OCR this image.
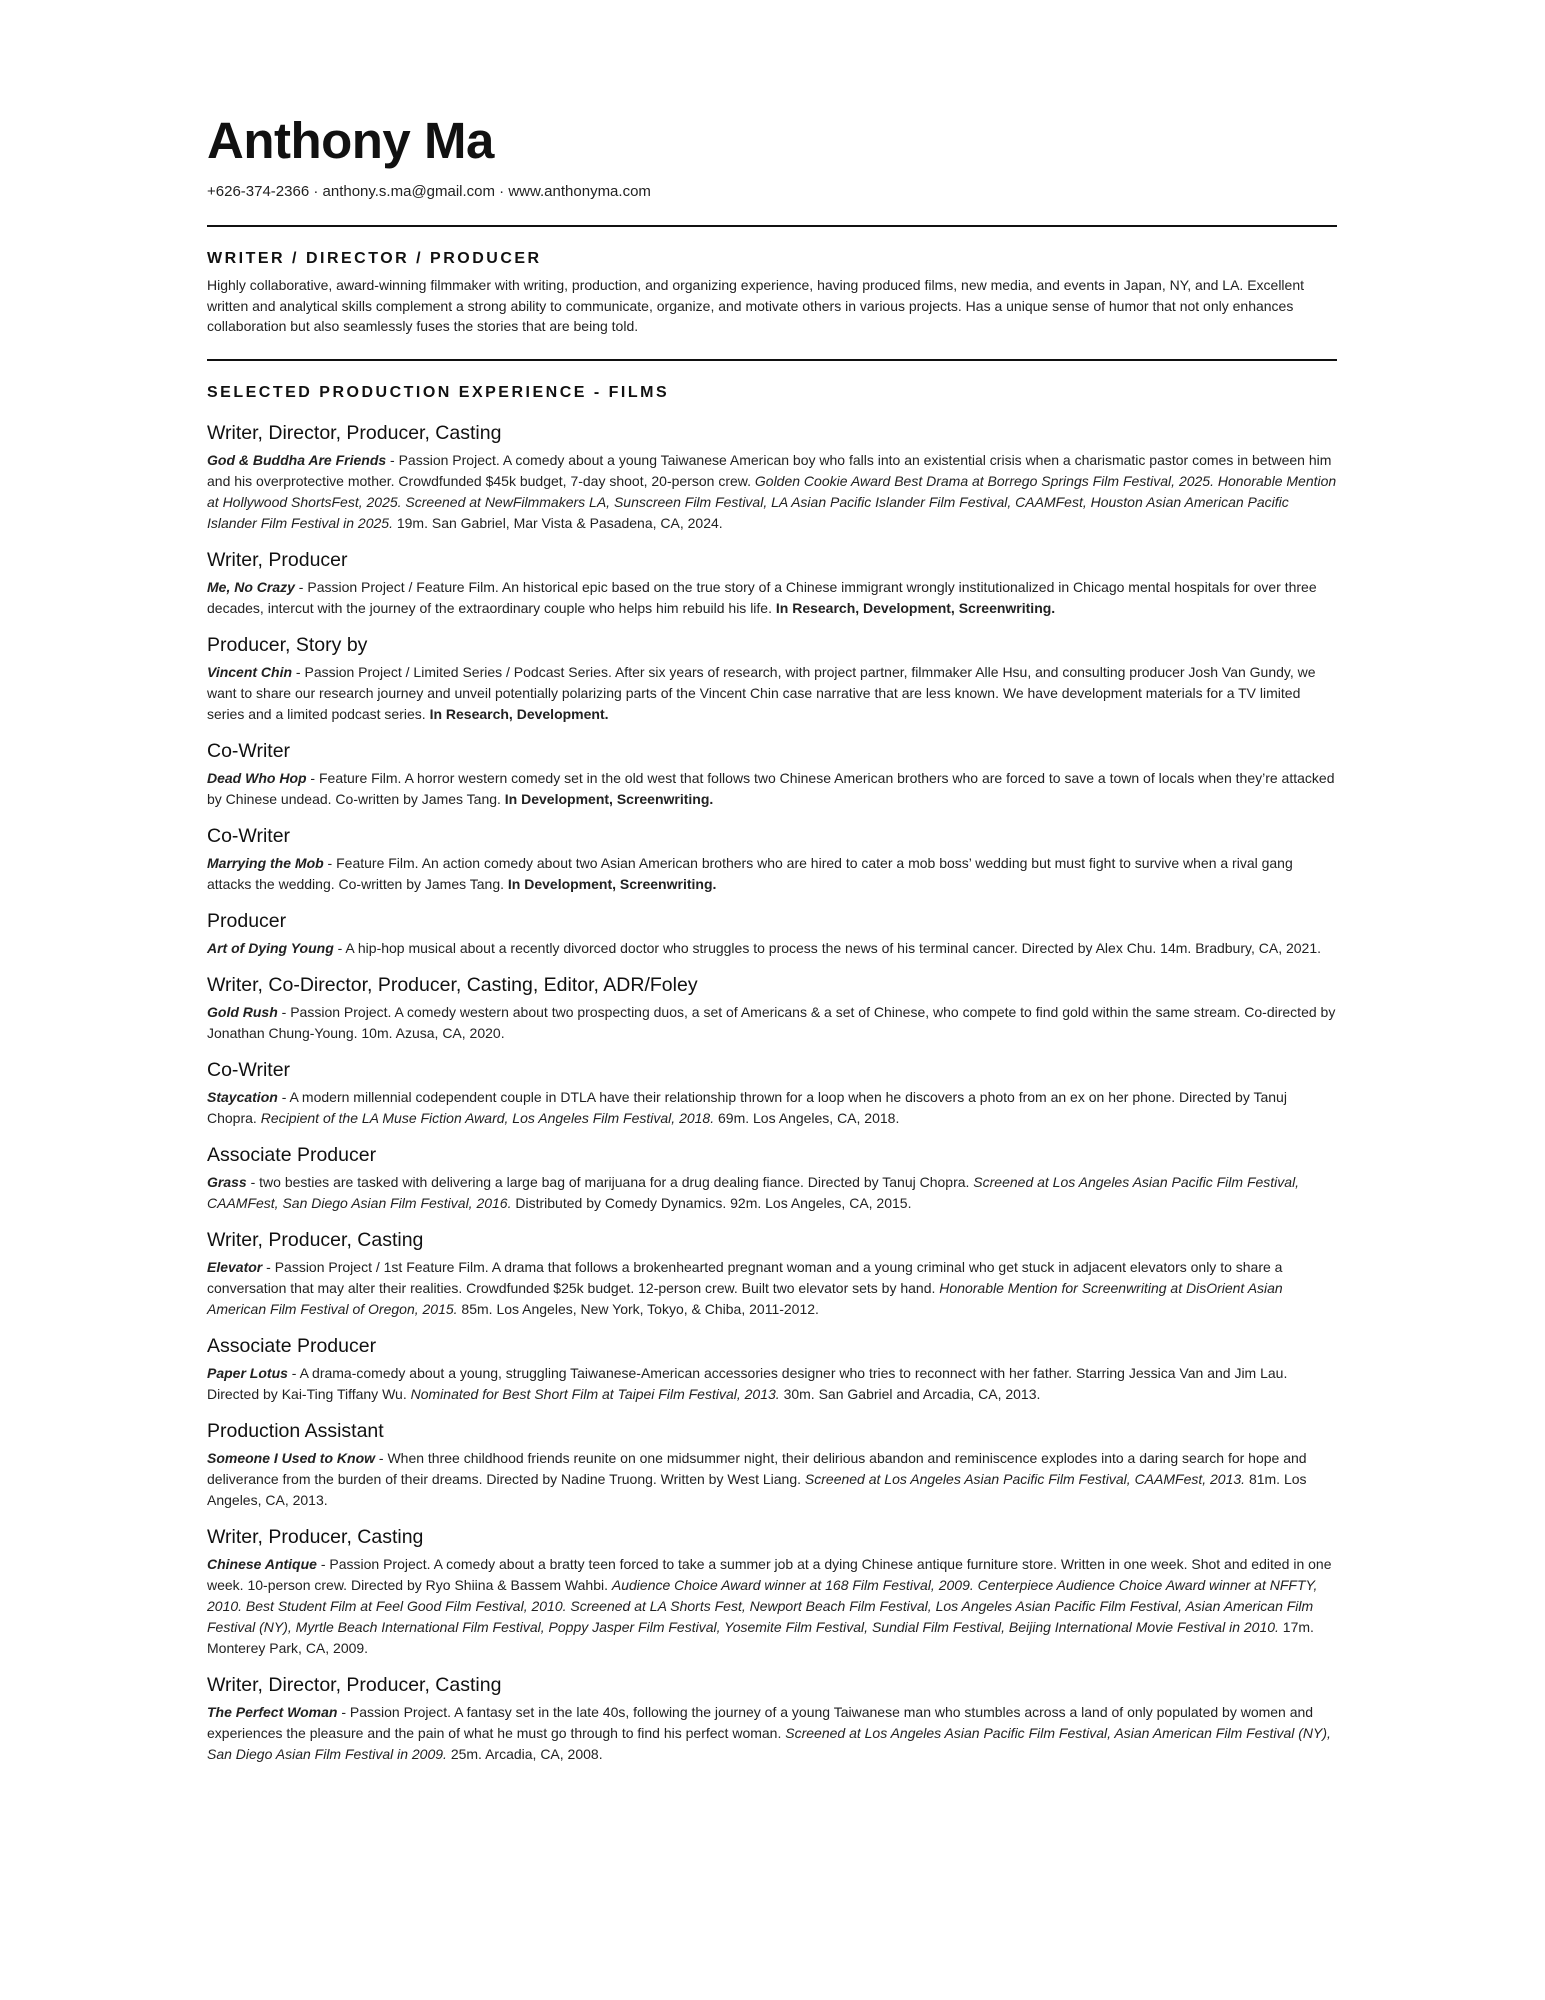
Anthony Ma
+626-374-2366 · anthony.s.ma@gmail.com · www.anthonyma.com
WRITER / DIRECTOR / PRODUCER
Highly collaborative, award-winning filmmaker with writing, production, and organizing experience, having produced films, new media, and events in Japan, NY, and LA. Excellent written and analytical skills complement a strong ability to communicate, organize, and motivate others in various projects. Has a unique sense of humor that not only enhances collaboration but also seamlessly fuses the stories that are being told.
SELECTED PRODUCTION EXPERIENCE - FILMS
Writer, Director, Producer, Casting
God & Buddha Are Friends - Passion Project. A comedy about a young Taiwanese American boy who falls into an existential crisis when a charismatic pastor comes in between him and his overprotective mother. Crowdfunded $45k budget, 7-day shoot, 20-person crew. Golden Cookie Award Best Drama at Borrego Springs Film Festival, 2025. Honorable Mention at Hollywood ShortsFest, 2025. Screened at NewFilmmakers LA, Sunscreen Film Festival, LA Asian Pacific Islander Film Festival, CAAMFest, Houston Asian American Pacific Islander Film Festival in 2025. 19m. San Gabriel, Mar Vista & Pasadena, CA, 2024.
Writer, Producer
Me, No Crazy - Passion Project / Feature Film. An historical epic based on the true story of a Chinese immigrant wrongly institutionalized in Chicago mental hospitals for over three decades, intercut with the journey of the extraordinary couple who helps him rebuild his life. In Research, Development, Screenwriting.
Producer, Story by
Vincent Chin - Passion Project / Limited Series / Podcast Series. After six years of research, with project partner, filmmaker Alle Hsu, and consulting producer Josh Van Gundy, we want to share our research journey and unveil potentially polarizing parts of the Vincent Chin case narrative that are less known. We have development materials for a TV limited series and a limited podcast series. In Research, Development.
Co-Writer
Dead Who Hop - Feature Film. A horror western comedy set in the old west that follows two Chinese American brothers who are forced to save a town of locals when they’re attacked by Chinese undead. Co-written by James Tang. In Development, Screenwriting.
Co-Writer
Marrying the Mob - Feature Film. An action comedy about two Asian American brothers who are hired to cater a mob boss’ wedding but must fight to survive when a rival gang attacks the wedding. Co-written by James Tang. In Development, Screenwriting.
Producer
Art of Dying Young - A hip-hop musical about a recently divorced doctor who struggles to process the news of his terminal cancer. Directed by Alex Chu. 14m. Bradbury, CA, 2021.
Writer, Co-Director, Producer, Casting, Editor, ADR/Foley
Gold Rush - Passion Project. A comedy western about two prospecting duos, a set of Americans & a set of Chinese, who compete to find gold within the same stream. Co-directed by Jonathan Chung-Young. 10m. Azusa, CA, 2020.
Co-Writer
Staycation - A modern millennial codependent couple in DTLA have their relationship thrown for a loop when he discovers a photo from an ex on her phone. Directed by Tanuj Chopra. Recipient of the LA Muse Fiction Award, Los Angeles Film Festival, 2018. 69m. Los Angeles, CA, 2018.
Associate Producer
Grass - two besties are tasked with delivering a large bag of marijuana for a drug dealing fiance. Directed by Tanuj Chopra. Screened at Los Angeles Asian Pacific Film Festival, CAAMFest, San Diego Asian Film Festival, 2016. Distributed by Comedy Dynamics. 92m. Los Angeles, CA, 2015.
Writer, Producer, Casting
Elevator - Passion Project / 1st Feature Film. A drama that follows a brokenhearted pregnant woman and a young criminal who get stuck in adjacent elevators only to share a conversation that may alter their realities. Crowdfunded $25k budget. 12-person crew. Built two elevator sets by hand. Honorable Mention for Screenwriting at DisOrient Asian American Film Festival of Oregon, 2015. 85m. Los Angeles, New York, Tokyo, & Chiba, 2011-2012.
Associate Producer
Paper Lotus - A drama-comedy about a young, struggling Taiwanese-American accessories designer who tries to reconnect with her father. Starring Jessica Van and Jim Lau. Directed by Kai-Ting Tiffany Wu. Nominated for Best Short Film at Taipei Film Festival, 2013. 30m. San Gabriel and Arcadia, CA, 2013.
Production Assistant
Someone I Used to Know - When three childhood friends reunite on one midsummer night, their delirious abandon and reminiscence explodes into a daring search for hope and deliverance from the burden of their dreams. Directed by Nadine Truong. Written by West Liang. Screened at Los Angeles Asian Pacific Film Festival, CAAMFest, 2013. 81m. Los Angeles, CA, 2013.
Writer, Producer, Casting
Chinese Antique - Passion Project. A comedy about a bratty teen forced to take a summer job at a dying Chinese antique furniture store. Written in one week. Shot and edited in one week. 10-person crew. Directed by Ryo Shiina & Bassem Wahbi. Audience Choice Award winner at 168 Film Festival, 2009. Centerpiece Audience Choice Award winner at NFFTY, 2010. Best Student Film at Feel Good Film Festival, 2010. Screened at LA Shorts Fest, Newport Beach Film Festival, Los Angeles Asian Pacific Film Festival, Asian American Film Festival (NY), Myrtle Beach International Film Festival, Poppy Jasper Film Festival, Yosemite Film Festival, Sundial Film Festival, Beijing International Movie Festival in 2010. 17m. Monterey Park, CA, 2009.
Writer, Director, Producer, Casting
The Perfect Woman - Passion Project. A fantasy set in the late 40s, following the journey of a young Taiwanese man who stumbles across a land of only populated by women and experiences the pleasure and the pain of what he must go through to find his perfect woman. Screened at Los Angeles Asian Pacific Film Festival, Asian American Film Festival (NY), San Diego Asian Film Festival in 2009. 25m. Arcadia, CA, 2008.
